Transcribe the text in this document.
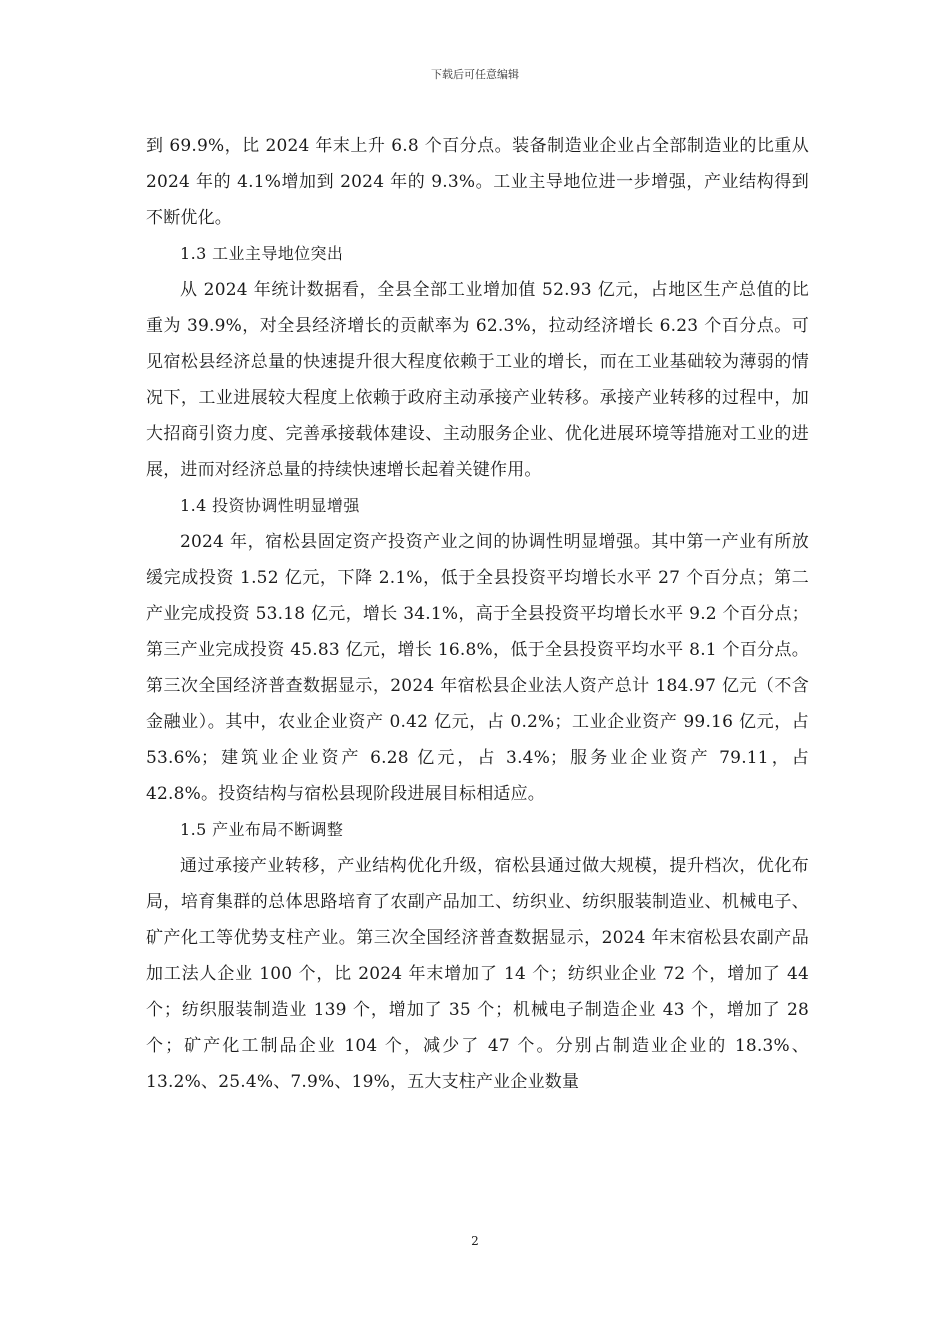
下载后可任意编辑

到 69.9%，比 2024 年末上升 6.8 个百分点。装备制造业企业占全部制造业的比重从 2024 年的 4.1%增加到 2024 年的 9.3%。工业主导地位进一步增强，产业结构得到不断优化。

1.3 工业主导地位突出

从 2024 年统计数据看，全县全部工业增加值 52.93 亿元，占地区生产总值的比重为 39.9%，对全县经济增长的贡献率为 62.3%，拉动经济增长 6.23 个百分点。可见宿松县经济总量的快速提升很大程度依赖于工业的增长，而在工业基础较为薄弱的情况下，工业进展较大程度上依赖于政府主动承接产业转移。承接产业转移的过程中，加大招商引资力度、完善承接载体建设、主动服务企业、优化进展环境等措施对工业的进展，进而对经济总量的持续快速增长起着关键作用。

1.4 投资协调性明显增强

2024 年，宿松县固定资产投资产业之间的协调性明显增强。其中第一产业有所放缓完成投资 1.52 亿元，下降 2.1%，低于全县投资平均增长水平 27 个百分点；第二产业完成投资 53.18 亿元，增长 34.1%，高于全县投资平均增长水平 9.2 个百分点；第三产业完成投资 45.83 亿元，增长 16.8%，低于全县投资平均水平 8.1 个百分点。第三次全国经济普查数据显示，2024 年宿松县企业法人资产总计 184.97 亿元（不含金融业）。其中，农业企业资产 0.42 亿元，占 0.2%；工业企业资产 99.16 亿元，占 53.6%；建筑业企业资产 6.28 亿元，占 3.4%；服务业企业资产 79.11，占 42.8%。投资结构与宿松县现阶段进展目标相适应。

1.5 产业布局不断调整

通过承接产业转移，产业结构优化升级，宿松县通过做大规模，提升档次，优化布局，培育集群的总体思路培育了农副产品加工、纺织业、纺织服装制造业、机械电子、矿产化工等优势支柱产业。第三次全国经济普查数据显示，2024 年末宿松县农副产品加工法人企业 100 个，比 2024 年末增加了 14 个；纺织业企业 72 个，增加了 44 个；纺织服装制造业 139 个，增加了 35 个；机械电子制造企业 43 个，增加了 28 个；矿产化工制品企业 104 个，减少了 47 个。分别占制造业企业的 18.3%、13.2%、25.4%、7.9%、19%，五大支柱产业企业数量

2
